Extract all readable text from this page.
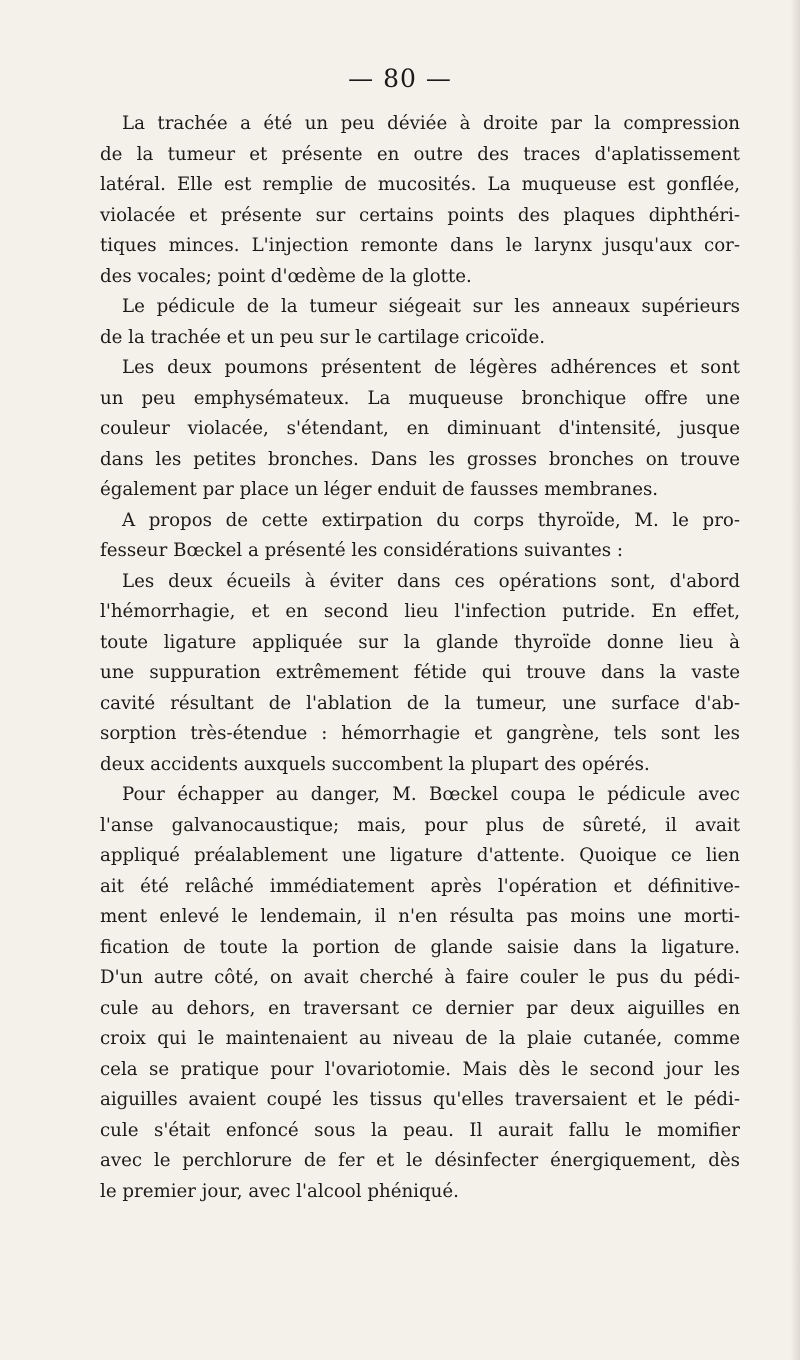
— 80 —
La trachée a été un peu déviée à droite par la compression
de la tumeur et présente en outre des traces d'aplatissement
latéral. Elle est remplie de mucosités. La muqueuse est gonflée,
violacée et présente sur certains points des plaques diphthéri-
tiques minces. L'injection remonte dans le larynx jusqu'aux cor-
des vocales; point d'œdème de la glotte.
Le pédicule de la tumeur siégeait sur les anneaux supérieurs
de la trachée et un peu sur le cartilage cricoïde.
Les deux poumons présentent de légères adhérences et sont
un peu emphysémateux. La muqueuse bronchique offre une
couleur violacée, s'étendant, en diminuant d'intensité, jusque
dans les petites bronches. Dans les grosses bronches on trouve
également par place un léger enduit de fausses membranes.
A propos de cette extirpation du corps thyroïde, M. le pro-
fesseur Bœckel a présenté les considérations suivantes :
Les deux écueils à éviter dans ces opérations sont, d'abord
l'hémorrhagie, et en second lieu l'infection putride. En effet,
toute ligature appliquée sur la glande thyroïde donne lieu à
une suppuration extrêmement fétide qui trouve dans la vaste
cavité résultant de l'ablation de la tumeur, une surface d'ab-
sorption très-étendue : hémorrhagie et gangrène, tels sont les
deux accidents auxquels succombent la plupart des opérés.
Pour échapper au danger, M. Bœckel coupa le pédicule avec
l'anse galvanocaustique; mais, pour plus de sûreté, il avait
appliqué préalablement une ligature d'attente. Quoique ce lien
ait été relâché immédiatement après l'opération et définitive-
ment enlevé le lendemain, il n'en résulta pas moins une morti-
fication de toute la portion de glande saisie dans la ligature.
D'un autre côté, on avait cherché à faire couler le pus du pédi-
cule au dehors, en traversant ce dernier par deux aiguilles en
croix qui le maintenaient au niveau de la plaie cutanée, comme
cela se pratique pour l'ovariotomie. Mais dès le second jour les
aiguilles avaient coupé les tissus qu'elles traversaient et le pédi-
cule s'était enfoncé sous la peau. Il aurait fallu le momifier
avec le perchlorure de fer et le désinfecter énergiquement, dès
le premier jour, avec l'alcool phéniqué.
